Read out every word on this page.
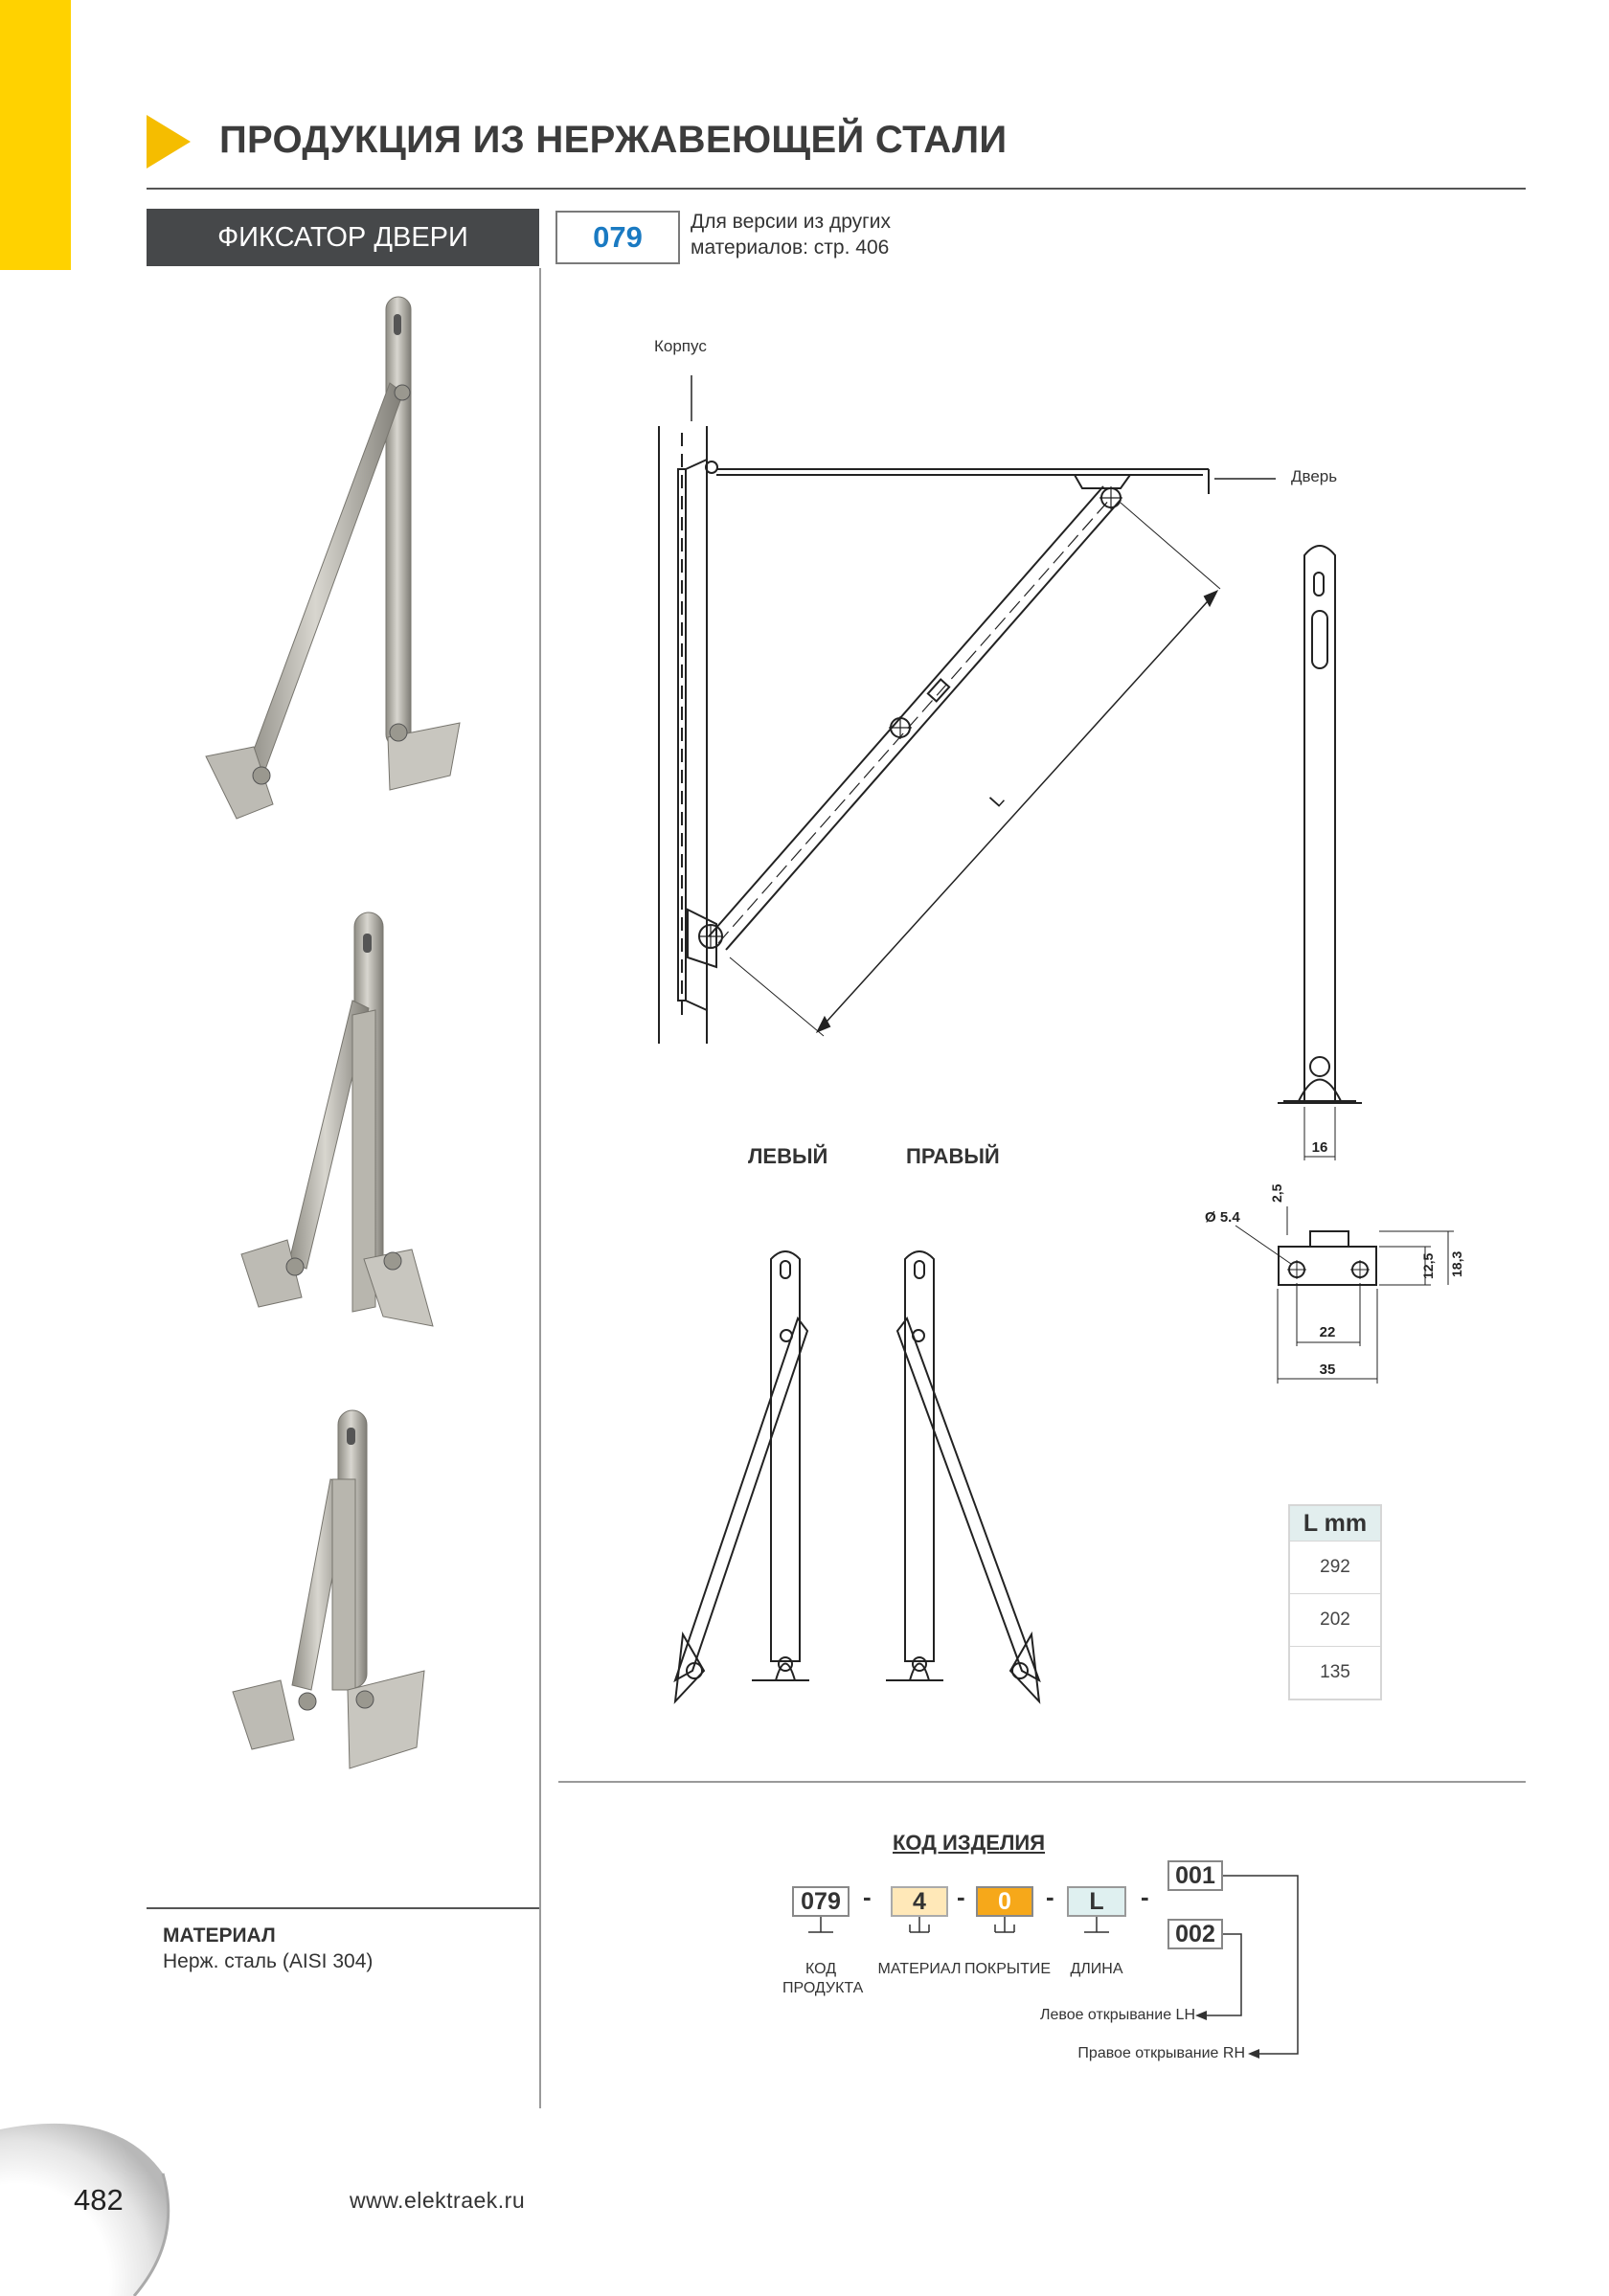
ПРОДУКЦИЯ ИЗ НЕРЖАВЕЮЩЕЙ СТАЛИ
ФИКСАТОР ДВЕРИ	079	Для версии из других
материалов: стр. 406
L
Корпус
Дверь
16
22
35
Ø 5.4
2,5
12,5 18,3
ЛЕВЫЙ	ПРАВЫЙ
L mm
292
202
135
КОД ИЗДЕЛИЯ
079 -	4	-	0	-	L	-
001
002
КОД
ПРОДУКТА
МАТЕРИАЛ ПОКРЫТИЕ	ДЛИНА
Левое открывание LH
Правое открывание RH
МАТЕРИАЛ
Нерж. сталь (AISI 304)
482	www.elektraek.ru
